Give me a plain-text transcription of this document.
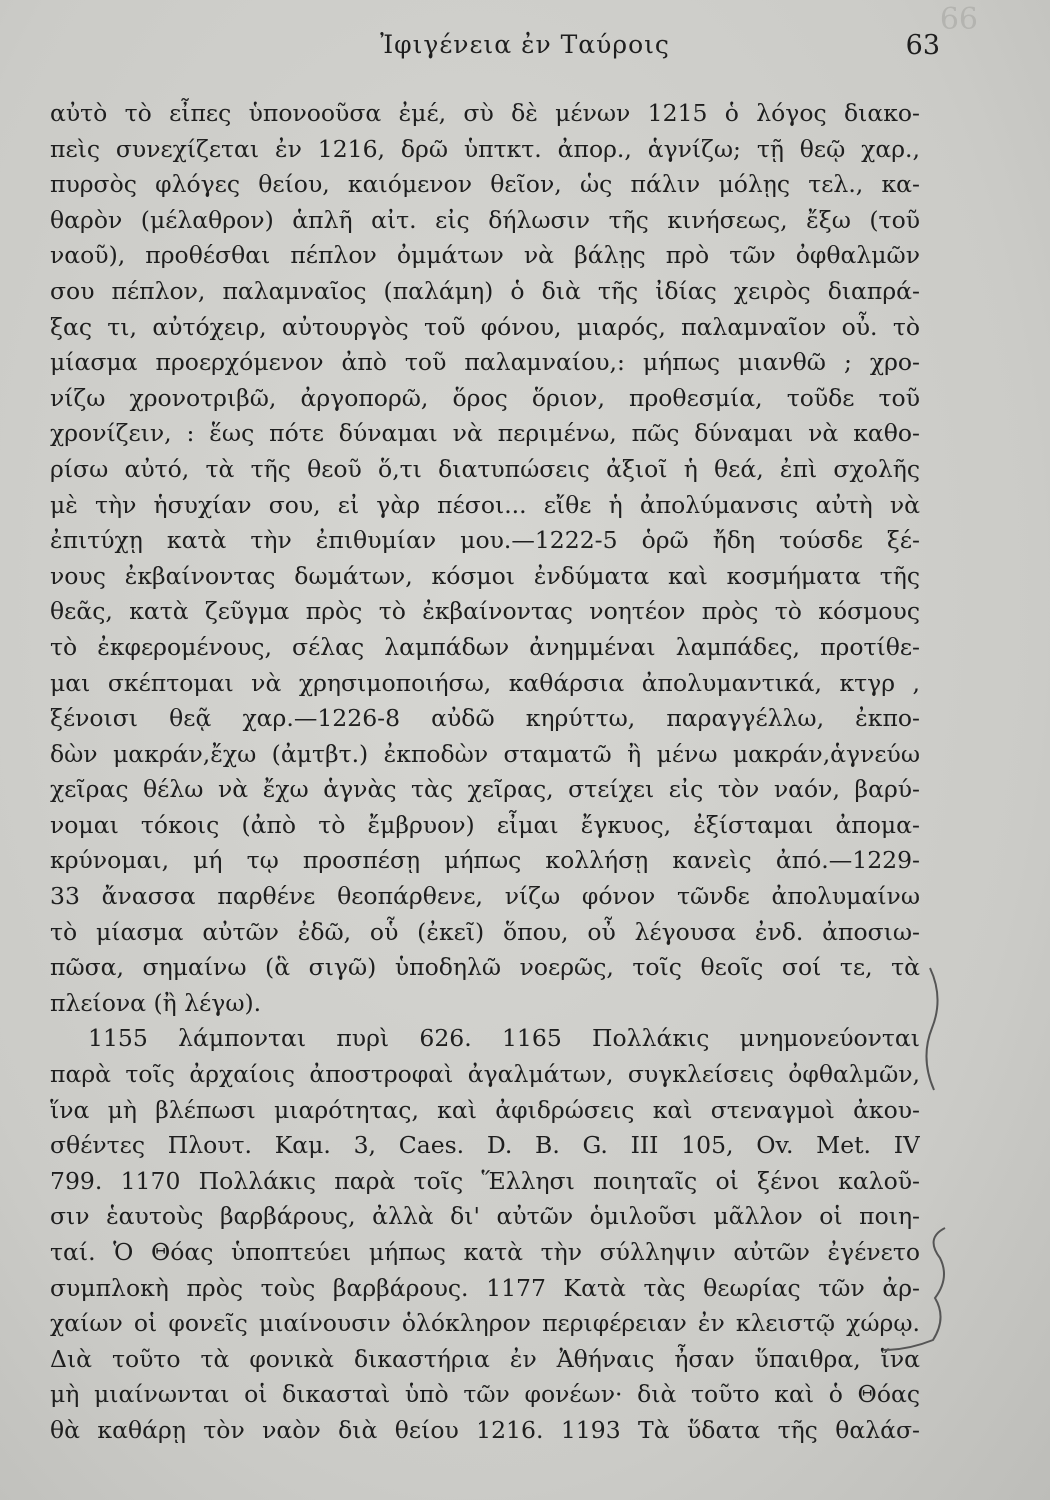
66
Ἰφιγένεια ἐν Ταύροις	63
αὐτὸ τὸ εἶπες ὑπονοοῦσα ἐμέ, σὺ δὲ μένων 1215 ὁ λόγος διακο-
πεὶς συνεχίζεται ἐν 1216, δρῶ ὑπτκτ. ἀπορ., ἁγνίζω; τῇ θεῷ χαρ.,
πυρσὸς φλόγες θείου, καιόμενον θεῖον, ὡς πάλιν μόλῃς τελ., κα-
θαρὸν (μέλαθρον) ἁπλῆ αἰτ. εἰς δήλωσιν τῆς κινήσεως, ἔξω (τοῦ
ναοῦ), προθέσθαι πέπλον ὀμμάτων νὰ βάλῃς πρὸ τῶν ὀφθαλμῶν
σου πέπλον, παλαμναῖος (παλάμη) ὁ διὰ τῆς ἰδίας χειρὸς διαπρά-
ξας τι, αὐτόχειρ, αὐτουργὸς τοῦ φόνου, μιαρός, παλαμναῖον οὖ. τὸ
μίασμα προερχόμενον ἀπὸ τοῦ παλαμναίου,: μήπως μιανθῶ ; χρο-
νίζω χρονοτριβῶ, ἀργοπορῶ, ὅρος ὅριον, προθεσμία, τοῦδε τοῦ
χρονίζειν, : ἕως πότε δύναμαι νὰ περιμένω, πῶς δύναμαι νὰ καθο-
ρίσω αὐτό, τὰ τῆς θεοῦ ὅ,τι διατυπώσεις ἀξιοῖ ἡ θεά, ἐπὶ σχολῆς
μὲ τὴν ἡσυχίαν σου, εἰ γὰρ πέσοι... εἴθε ἡ ἀπολύμανσις αὐτὴ νὰ
ἐπιτύχῃ κατὰ τὴν ἐπιθυμίαν μου.—1222-5 ὁρῶ ἤδη τούσδε ξέ-
νους ἐκβαίνοντας δωμάτων, κόσμοι ἐνδύματα καὶ κοσμήματα τῆς
θεᾶς, κατὰ ζεῦγμα πρὸς τὸ ἐκβαίνοντας νοητέον πρὸς τὸ κόσμους
τὸ ἐκφερομένους, σέλας λαμπάδων ἀνημμέναι λαμπάδες, προτίθε-
μαι σκέπτομαι νὰ χρησιμοποιήσω, καθάρσια ἀπολυμαντικά, κτγρ ,
ξένοισι θεᾷ χαρ.—1226-8 αὐδῶ κηρύττω, παραγγέλλω, ἐκπο-
δὼν μακράν,ἔχω (ἀμτβτ.) ἐκποδὼν σταματῶ ἢ μένω μακράν,ἁγνεύω
χεῖρας θέλω νὰ ἔχω ἁγνὰς τὰς χεῖρας, στείχει εἰς τὸν ναόν, βαρύ-
νομαι τόκοις (ἀπὸ τὸ ἔμβρυον) εἶμαι ἔγκυος, ἐξίσταμαι ἀπομα-
κρύνομαι, μή τῳ προσπέσῃ μήπως κολλήσῃ κανεὶς ἀπό.—1229-
33 ἄνασσα παρθένε θεοπάρθενε, νίζω φόνον τῶνδε ἀπολυμαίνω
τὸ μίασμα αὐτῶν ἐδῶ, οὗ (ἐκεῖ) ὅπου, οὖ λέγουσα ἐνδ. ἀποσιω-
πῶσα, σημαίνω (ἃ σιγῶ) ὑποδηλῶ νοερῶς, τοῖς θεοῖς σοί τε, τὰ
πλείονα (ἢ λέγω).
1155 λάμπονται πυρὶ 626. 1165 Πολλάκις μνημονεύονται
παρὰ τοῖς ἀρχαίοις ἀποστροφαὶ ἀγαλμάτων, συγκλείσεις ὀφθαλμῶν,
ἵνα μὴ βλέπωσι μιαρότητας, καὶ ἀφιδρώσεις καὶ στεναγμοὶ ἀκου-
σθέντες Πλουτ. Καμ. 3, Caes. D. B. G. III 105, Ov. Met. IV
799. 1170 Πολλάκις παρὰ τοῖς Ἕλλησι ποιηταῖς οἱ ξένοι καλοῦ-
σιν ἑαυτοὺς βαρβάρους, ἀλλὰ δι' αὐτῶν ὁμιλοῦσι μᾶλλον οἱ ποιη-
ταί. Ὁ Θόας ὑποπτεύει μήπως κατὰ τὴν σύλληψιν αὐτῶν ἐγένετο
συμπλοκὴ πρὸς τοὺς βαρβάρους. 1177 Κατὰ τὰς θεωρίας τῶν ἀρ-
χαίων οἱ φονεῖς μιαίνουσιν ὁλόκληρον περιφέρειαν ἐν κλειστῷ χώρῳ.
Διὰ τοῦτο τὰ φονικὰ δικαστήρια ἐν Ἀθήναις ἦσαν ὕπαιθρα, ἵνα
μὴ μιαίνωνται οἱ δικασταὶ ὑπὸ τῶν φονέων· διὰ τοῦτο καὶ ὁ Θόας
θὰ καθάρῃ τὸν ναὸν διὰ θείου 1216. 1193 Τὰ ὕδατα τῆς θαλάσ-
